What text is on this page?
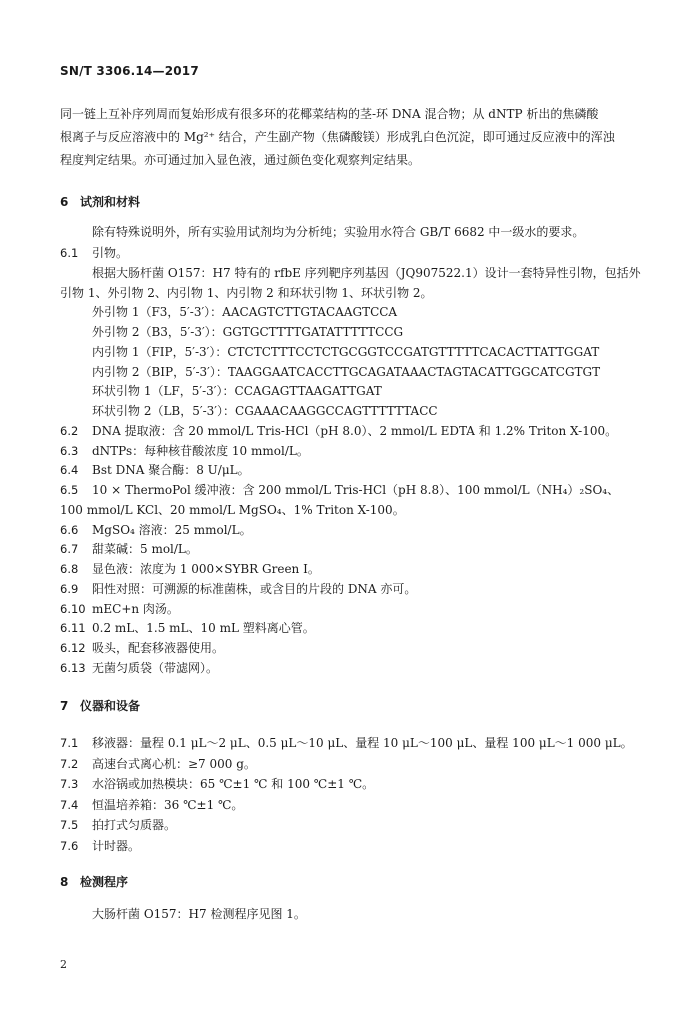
SN/T 3306.14—2017
同一链上互补序列周而复始形成有很多环的花椰菜结构的茎-环 DNA 混合物；从 dNTP 析出的焦磷酸
根离子与反应溶液中的 Mg²⁺ 结合，产生副产物（焦磷酸镁）形成乳白色沉淀，即可通过反应液中的浑浊
程度判定结果。亦可通过加入显色液，通过颜色变化观察判定结果。
6 试剂和材料
除有特殊说明外，所有实验用试剂均为分析纯；实验用水符合 GB/T 6682 中一级水的要求。
6.1 引物。
根据大肠杆菌 O157：H7 特有的 rfbE 序列靶序列基因（JQ907522.1）设计一套特异性引物，包括外
引物 1、外引物 2、内引物 1、内引物 2 和环状引物 1、环状引物 2。
外引物 1（F3，5′-3′）：AACAGTCTTGTACAAGTCCA
外引物 2（B3，5′-3′）：GGTGCTTTTGATATTTTTCCG
内引物 1（FIP，5′-3′）：CTCTCTTTCCTCTGCGGTCCGATGTTTTTCACACTTATTGGAT
内引物 2（BIP，5′-3′）：TAAGGAATCACCTTGCAGATAAACTAGTACATTGGCATCGTGT
环状引物 1（LF，5′-3′）：CCAGAGTTAAGATTGAT
环状引物 2（LB，5′-3′）：CGAAACAAGGCCAGTTTTTTACC
6.2 DNA 提取液：含 20 mmol/L Tris-HCl（pH 8.0）、2 mmol/L EDTA 和 1.2% Triton X-100。
6.3 dNTPs：每种核苷酸浓度 10 mmol/L。
6.4 Bst DNA 聚合酶：8 U/μL。
6.5 10 × ThermoPol 缓冲液：含 200 mmol/L Tris-HCl（pH 8.8）、100 mmol/L（NH₄）₂SO₄、
100 mmol/L KCl、20 mmol/L MgSO₄、1% Triton X-100。
6.6 MgSO₄ 溶液：25 mmol/L。
6.7 甜菜碱：5 mol/L。
6.8 显色液：浓度为 1 000×SYBR Green Ⅰ。
6.9 阳性对照：可溯源的标准菌株，或含目的片段的 DNA 亦可。
6.10 mEC+n 肉汤。
6.11 0.2 mL、1.5 mL、10 mL 塑料离心管。
6.12 吸头，配套移液器使用。
6.13 无菌匀质袋（带滤网）。
7 仪器和设备
7.1 移液器：量程 0.1 μL～2 μL、0.5 μL～10 μL、量程 10 μL～100 μL、量程 100 μL～1 000 μL。
7.2 高速台式离心机：≥7 000 g。
7.3 水浴锅或加热模块：65 ℃±1 ℃ 和 100 ℃±1 ℃。
7.4 恒温培养箱：36 ℃±1 ℃。
7.5 拍打式匀质器。
7.6 计时器。
8 检测程序
大肠杆菌 O157：H7 检测程序见图 1。
2
